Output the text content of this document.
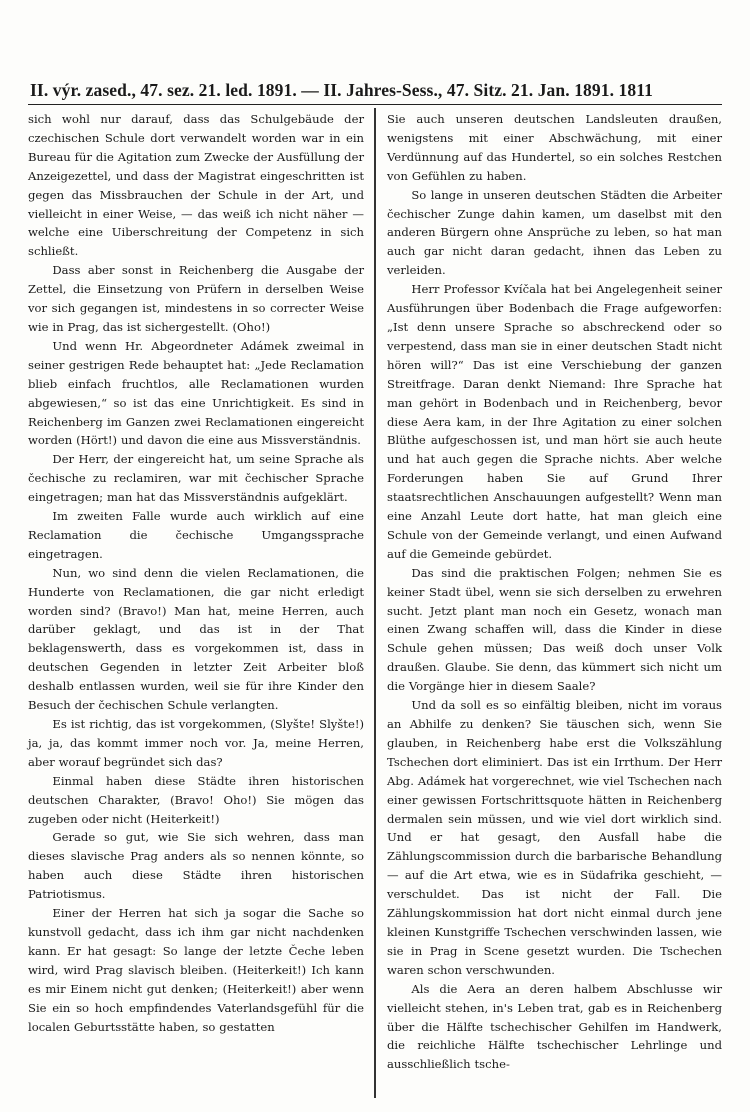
II. výr. zased., 47. sez. 21. led. 1891. — II. Jahres-Sess., 47. Sitz. 21. Jan. 1891. 1811

sich wohl nur darauf, dass das Schulgebäude der czechischen Schule dort verwandelt worden war in ein Bureau für die Agitation zum Zwecke der Ausfüllung der Anzeigezettel, und dass der Magistrat eingeschritten ist gegen das Missbrauchen der Schule in der Art, und vielleicht in einer Weise, — das weiß ich nicht näher — welche eine Uiberschreitung der Competenz in sich schließt.

Dass aber sonst in Reichenberg die Ausgabe der Zettel, die Einsetzung von Prüfern in derselben Weise vor sich gegangen ist, mindestens in so correcter Weise wie in Prag, das ist sichergestellt. (Oho!)

Und wenn Hr. Abgeordneter Adámek zweimal in seiner gestrigen Rede behauptet hat: „Jede Reclamation blieb einfach fruchtlos, alle Reclamationen wurden abgewiesen,“ so ist das eine Unrichtigkeit. Es sind in Reichenberg im Ganzen zwei Reclamationen eingereicht worden (Hört!) und davon die eine aus Missverständnis.

Der Herr, der eingereicht hat, um seine Sprache als čechische zu reclamiren, war mit čechischer Sprache eingetragen; man hat das Missverständnis aufgeklärt.

Im zweiten Falle wurde auch wirklich auf eine Reclamation die čechische Umgangssprache eingetragen.

Nun, wo sind denn die vielen Reclamationen, die Hunderte von Reclamationen, die gar nicht erledigt worden sind? (Bravo!) Man hat, meine Herren, auch darüber geklagt, und das ist in der That beklagenswerth, dass es vorgekommen ist, dass in deutschen Gegenden in letzter Zeit Arbeiter bloß deshalb entlassen wurden, weil sie für ihre Kinder den Besuch der čechischen Schule verlangten.

Es ist richtig, das ist vorgekommen, (Slyšte! Slyšte!) ja, ja, das kommt immer noch vor. Ja, meine Herren, aber worauf begründet sich das?

Einmal haben diese Städte ihren historischen deutschen Charakter, (Bravo! Oho!) Sie mögen das zugeben oder nicht (Heiterkeit!)

Gerade so gut, wie Sie sich wehren, dass man dieses slavische Prag anders als so nennen könnte, so haben auch diese Städte ihren historischen Patriotismus.

Einer der Herren hat sich ja sogar die Sache so kunstvoll gedacht, dass ich ihm gar nicht nachdenken kann. Er hat gesagt: So lange der letzte Čeche leben wird, wird Prag slavisch bleiben. (Heiterkeit!) Ich kann es mir Einem nicht gut denken; (Heiterkeit!) aber wenn Sie ein so hoch empfindendes Vaterlandsgefühl für die localen Geburtsstätte haben, so gestatten

Sie auch unseren deutschen Landsleuten draußen, wenigstens mit einer Abschwächung, mit einer Verdünnung auf das Hundertel, so ein solches Restchen von Gefühlen zu haben.

So lange in unseren deutschen Städten die Arbeiter čechischer Zunge dahin kamen, um daselbst mit den anderen Bürgern ohne Ansprüche zu leben, so hat man auch gar nicht daran gedacht, ihnen das Leben zu verleiden.

Herr Professor Kvíčala hat bei Angelegenheit seiner Ausführungen über Bodenbach die Frage aufgeworfen: „Ist denn unsere Sprache so abschreckend oder so verpestend, dass man sie in einer deutschen Stadt nicht hören will?“ Das ist eine Verschiebung der ganzen Streitfrage. Daran denkt Niemand: Ihre Sprache hat man gehört in Bodenbach und in Reichenberg, bevor diese Aera kam, in der Ihre Agitation zu einer solchen Blüthe aufgeschossen ist, und man hört sie auch heute und hat auch gegen die Sprache nichts. Aber welche Forderungen haben Sie auf Grund Ihrer staatsrechtlichen Anschauungen aufgestellt? Wenn man eine Anzahl Leute dort hatte, hat man gleich eine Schule von der Gemeinde verlangt, und einen Aufwand auf die Gemeinde gebürdet.

Das sind die praktischen Folgen; nehmen Sie es keiner Stadt übel, wenn sie sich derselben zu erwehren sucht. Jetzt plant man noch ein Gesetz, wonach man einen Zwang schaffen will, dass die Kinder in diese Schule gehen müssen; Das weiß doch unser Volk draußen. Glaube. Sie denn, das kümmert sich nicht um die Vorgänge hier in diesem Saale?

Und da soll es so einfältig bleiben, nicht im voraus an Abhilfe zu denken? Sie täuschen sich, wenn Sie glauben, in Reichenberg habe erst die Volkszählung Tschechen dort eliminiert. Das ist ein Irrthum. Der Herr Abg. Adámek hat vorgerechnet, wie viel Tschechen nach einer gewissen Fortschrittsquote hätten in Reichenberg dermalen sein müssen, und wie viel dort wirklich sind. Und er hat gesagt, den Ausfall habe die Zählungscommission durch die barbarische Behandlung — auf die Art etwa, wie es in Südafrika geschieht, — verschuldet. Das ist nicht der Fall. Die Zählungskommission hat dort nicht einmal durch jene kleinen Kunstgriffe Tschechen verschwinden lassen, wie sie in Prag in Scene gesetzt wurden. Die Tschechen waren schon verschwunden.

Als die Aera an deren halbem Abschlusse wir vielleicht stehen, in's Leben trat, gab es in Reichenberg über die Hälfte tschechischer Gehilfen im Handwerk, die reichliche Hälfte tschechischer Lehrlinge und ausschließlich tsche-
